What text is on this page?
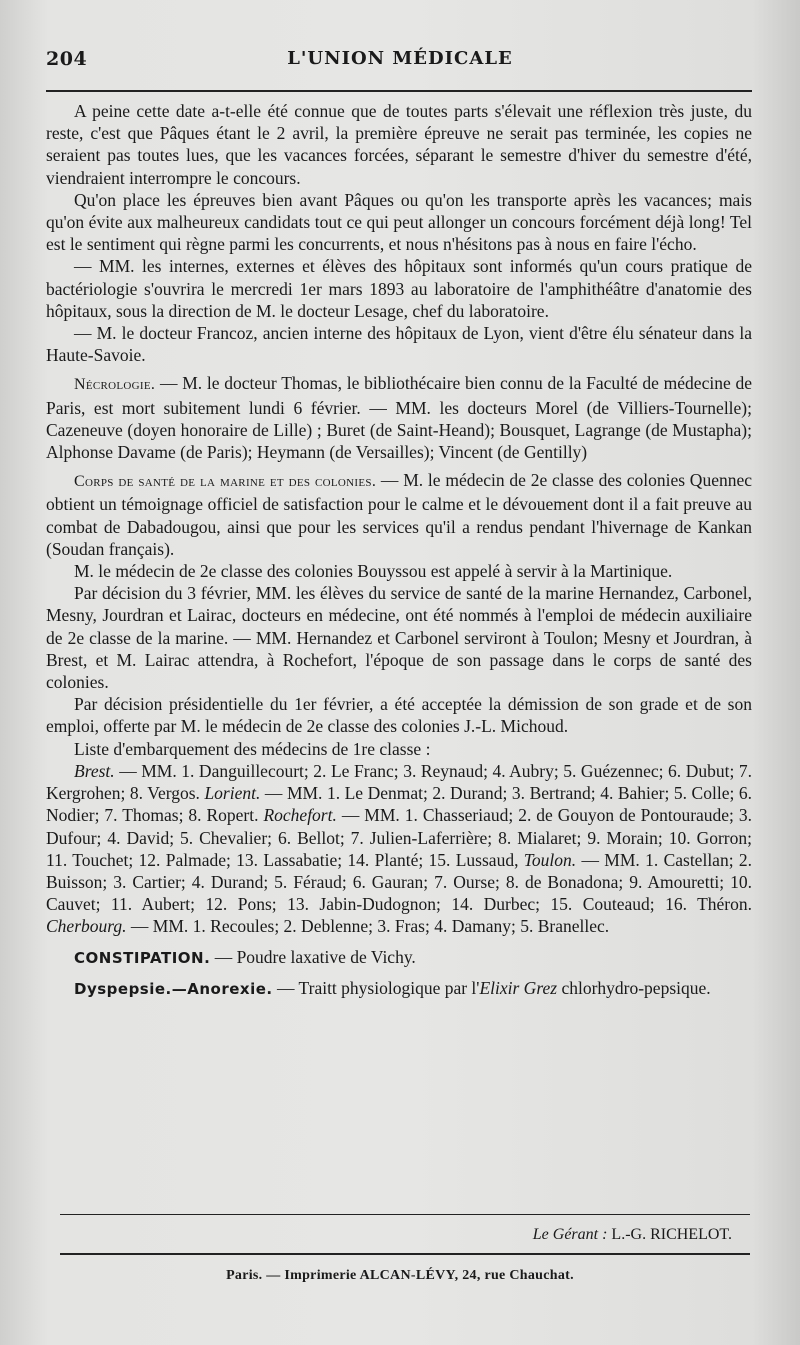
204	L'UNION MÉDICALE

A peine cette date a-t-elle été connue que de toutes parts s'élevait une réflexion très juste, du reste, c'est que Pâques étant le 2 avril, la première épreuve ne serait pas terminée, les copies ne seraient pas toutes lues, que les vacances forcées, séparant le semestre d'hiver du semestre d'été, viendraient interrompre le concours.

Qu'on place les épreuves bien avant Pâques ou qu'on les transporte après les vacances; mais qu'on évite aux malheureux candidats tout ce qui peut allonger un concours forcément déjà long! Tel est le sentiment qui règne parmi les concurrents, et nous n'hésitons pas à nous en faire l'écho.

— MM. les internes, externes et élèves des hôpitaux sont informés qu'un cours pratique de bactériologie s'ouvrira le mercredi 1er mars 1893 au laboratoire de l'amphithéâtre d'anatomie des hôpitaux, sous la direction de M. le docteur Lesage, chef du laboratoire.

— M. le docteur Francoz, ancien interne des hôpitaux de Lyon, vient d'être élu sénateur dans la Haute-Savoie.

Nécrologie. — M. le docteur Thomas, le bibliothécaire bien connu de la Faculté de médecine de Paris, est mort subitement lundi 6 février. — MM. les docteurs Morel (de Villiers-Tournelle); Cazeneuve (doyen honoraire de Lille) ; Buret (de Saint-Heand); Bousquet, Lagrange (de Mustapha); Alphonse Davame (de Paris); Heymann (de Versailles); Vincent (de Gentilly)

Corps de santé de la marine et des colonies. — M. le médecin de 2e classe des colonies Quennec obtient un témoignage officiel de satisfaction pour le calme et le dévouement dont il a fait preuve au combat de Dabadougou, ainsi que pour les services qu'il a rendus pendant l'hivernage de Kankan (Soudan français).

M. le médecin de 2e classe des colonies Bouyssou est appelé à servir à la Martinique.

Par décision du 3 février, MM. les élèves du service de santé de la marine Hernandez, Carbonel, Mesny, Jourdran et Lairac, docteurs en médecine, ont été nommés à l'emploi de médecin auxiliaire de 2e classe de la marine. — MM. Hernandez et Carbonel serviront à Toulon; Mesny et Jourdran, à Brest, et M. Lairac attendra, à Rochefort, l'époque de son passage dans le corps de santé des colonies.

Par décision présidentielle du 1er février, a été acceptée la démission de son grade et de son emploi, offerte par M. le médecin de 2e classe des colonies J.-L. Michoud.

Liste d'embarquement des médecins de 1re classe :

Brest. — MM. 1. Danguillecourt; 2. Le Franc; 3. Reynaud; 4. Aubry; 5. Guézennec; 6. Dubut; 7. Kergrohen; 8. Vergos. Lorient. — MM. 1. Le Denmat; 2. Durand; 3. Bertrand; 4. Bahier; 5. Colle; 6. Nodier; 7. Thomas; 8. Ropert. Rochefort. — MM. 1. Chasseriaud; 2. de Gouyon de Pontouraude; 3. Dufour; 4. David; 5. Chevalier; 6. Bellot; 7. Julien-Laferrière; 8. Mialaret; 9. Morain; 10. Gorron; 11. Touchet; 12. Palmade; 13. Lassabatie; 14. Planté; 15. Lussaud, Toulon. — MM. 1. Castellan; 2. Buisson; 3. Cartier; 4. Durand; 5. Féraud; 6. Gauran; 7. Ourse; 8. de Bonadona; 9. Amouretti; 10. Cauvet; 11. Aubert; 12. Pons; 13. Jabin-Dudognon; 14. Durbec; 15. Couteaud; 16. Théron. Cherbourg. — MM. 1. Recoules; 2. Deblenne; 3. Fras; 4. Damany; 5. Branellec.

CONSTIPATION. — Poudre laxative de Vichy.

Dyspepsie.—Anorexie. — Traitt physiologique par l'Elixir Grez chlorhydro-pepsique.

Le Gérant : L.-G. RICHELOT.
Paris. — Imprimerie ALCAN-LÉVY, 24, rue Chauchat.
